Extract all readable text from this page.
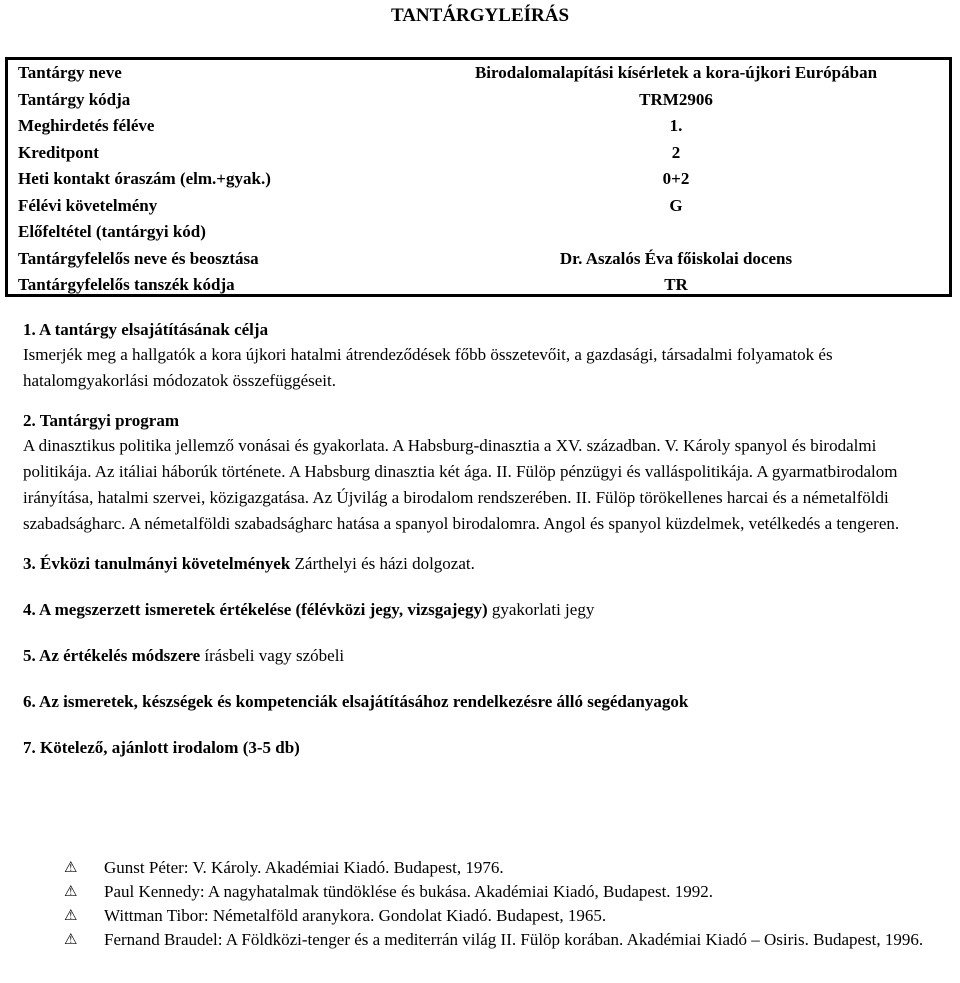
TANTÁRGYLEÍRÁS
Tantárgy neve	Birodalomalapítási kísérletek a kora-újkori Európában
Tantárgy kódja	TRM2906
Meghirdetés féléve	1.
Kreditpont	2
Heti kontakt óraszám (elm.+gyak.)	0+2
Félévi követelmény	G
Előfeltétel (tantárgyi kód)
Tantárgyfelelős neve és beosztása	Dr. Aszalós Éva főiskolai docens
Tantárgyfelelős tanszék kódja	TR
1. A tantárgy elsajátításának célja
Ismerjék meg a hallgatók a kora újkori hatalmi átrendeződések főbb összetevőit, a gazdasági, társadalmi folyamatok és hatalomgyakorlási módozatok összefüggéseit.
2. Tantárgyi program
A dinasztikus politika jellemző vonásai és gyakorlata. A Habsburg-dinasztia a XV. században. V. Károly spanyol és birodalmi politikája. Az itáliai háborúk története. A Habsburg dinasztia két ága. II. Fülöp pénzügyi és valláspolitikája. A gyarmatbirodalom irányítása, hatalmi szervei, közigazgatása. Az Újvilág a birodalom rendszerében. II. Fülöp törökellenes harcai és a németalföldi szabadságharc. A németalföldi szabadságharc hatása a spanyol birodalomra. Angol és spanyol küzdelmek, vetélkedés a tengeren.
3. Évközi tanulmányi követelmények Zárthelyi és házi dolgozat.
4. A megszerzett ismeretek értékelése (félévközi jegy, vizsgajegy) gyakorlati jegy
5. Az értékelés módszere írásbeli vagy szóbeli
6. Az ismeretek, készségek és kompetenciák elsajátításához rendelkezésre álló segédanyagok
7. Kötelező, ajánlott irodalom (3-5 db)
⚠	Gunst Péter: V. Károly. Akadémiai Kiadó. Budapest, 1976.
⚠	Paul Kennedy: A nagyhatalmak tündöklése és bukása. Akadémiai Kiadó, Budapest. 1992.
⚠	Wittman Tibor: Németalföld aranykora. Gondolat Kiadó. Budapest, 1965.
⚠	Fernand Braudel: A Földközi-tenger és a mediterrán világ II. Fülöp korában. Akadémiai Kiadó – Osiris. Budapest, 1996.
